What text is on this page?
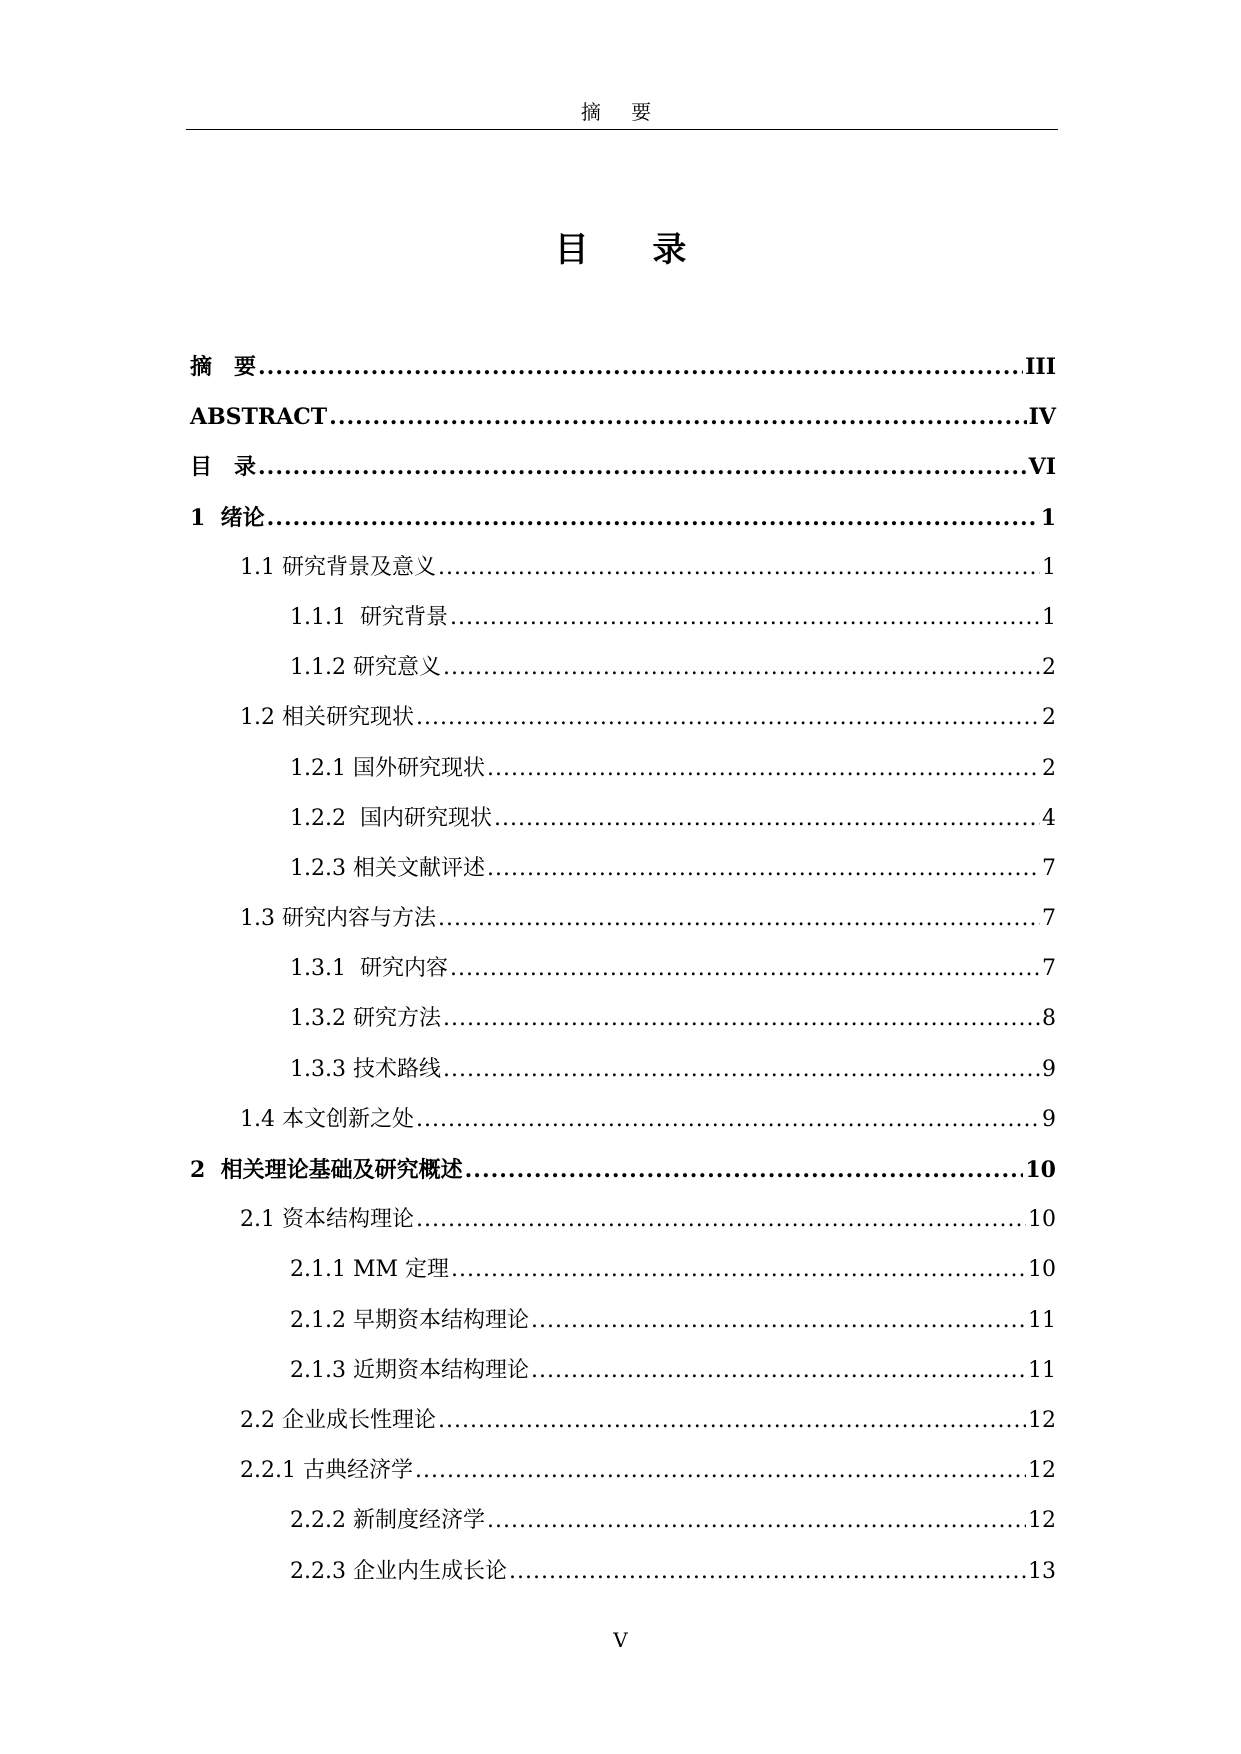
摘 要
目 录
摘　要 .....	III
ABSTRACT .....	IV
目　录 .....	VI
1  绪论 .....	1
1.1 研究背景及意义 .....	1
1.1.1  研究背景 .....	1
1.1.2 研究意义 .....	2
1.2 相关研究现状 .....	2
1.2.1 国外研究现状 .....	2
1.2.2  国内研究现状 .....	4
1.2.3 相关文献评述 .....	7
1.3 研究内容与方法 .....	7
1.3.1  研究内容 .....	7
1.3.2 研究方法 .....	8
1.3.3 技术路线 .....	9
1.4 本文创新之处 .....	9
2  相关理论基础及研究概述 .....	10
2.1 资本结构理论 .....	10
2.1.1 MM 定理 .....	10
2.1.2 早期资本结构理论 .....	11
2.1.3 近期资本结构理论 .....	11
2.2 企业成长性理论 .....	12
2.2.1 古典经济学 .....	12
2.2.2 新制度经济学 .....	12
2.2.3 企业内生成长论 .....	13
V
